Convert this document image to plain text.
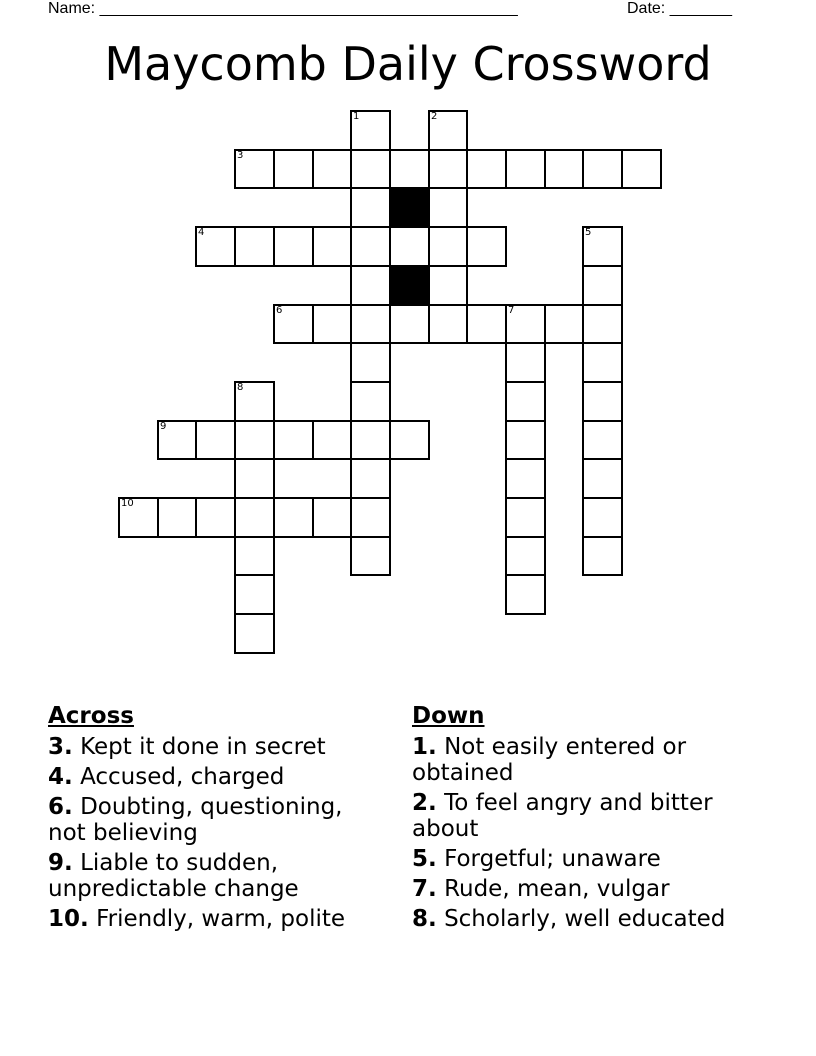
Name: _______________________________________________	Date: _______
Maycomb Daily Crossword
3
4
6	7
9
10
1	2
5
8
Across
3. Kept it done in secret
4. Accused, charged
6. Doubting, questioning, not believing
9. Liable to sudden, unpredictable change
10. Friendly, warm, polite
Down
1. Not easily entered or obtained
2. To feel angry and bitter about
5. Forgetful; unaware
7. Rude, mean, vulgar
8. Scholarly, well educated
